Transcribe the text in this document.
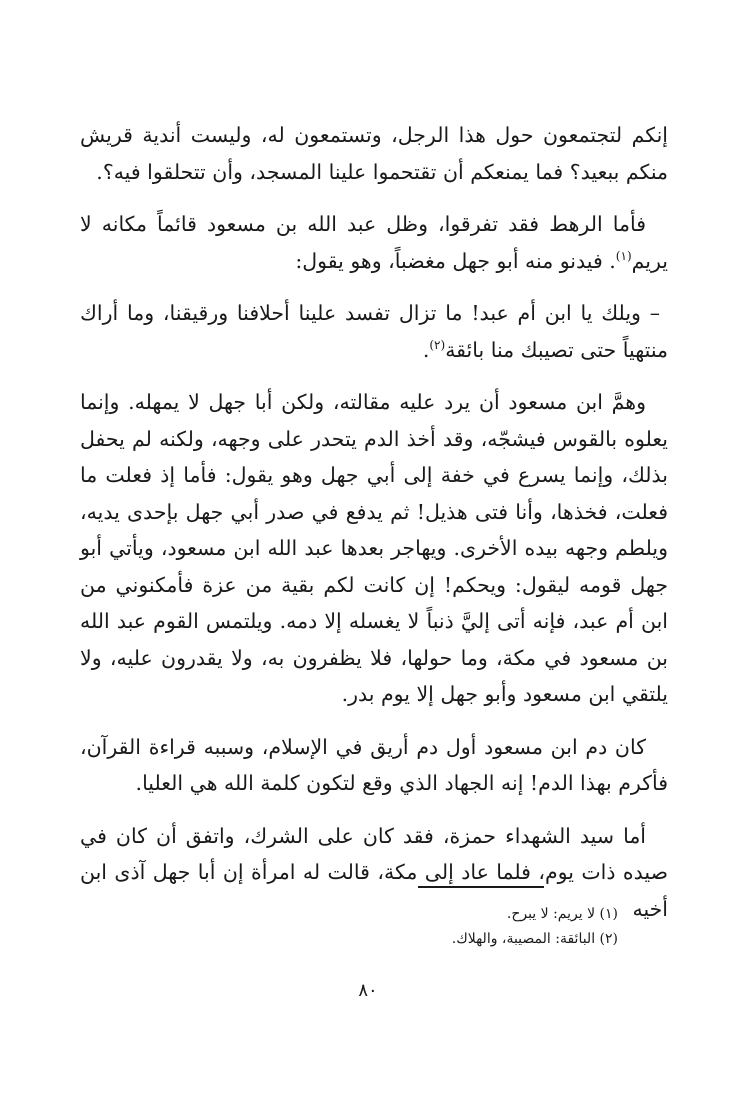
إنكم لتجتمعون حول هذا الرجل، وتستمعون له، وليست أندية قريش منكم ببعيد؟ فما يمنعكم أن تقتحموا علينا المسجد، وأن تتحلقوا فيه؟.

فأما الرهط فقد تفرقوا، وظل عبد الله بن مسعود قائماً مكانه لا يريم$^{(١)}$. فيدنو منه أبو جهل مغضباً، وهو يقول:

– ويلك يا ابن أم عبد! ما تزال تفسد علينا أحلافنا ورقيقنا، وما أراك منتهياً حتى تصيبك منا بائقة$^{(٢)}$.

وهمَّ ابن مسعود أن يرد عليه مقالته، ولكن أبا جهل لا يمهله. وإنما يعلوه بالقوس فيشجّه، وقد أخذ الدم يتحدر على وجهه، ولكنه لم يحفل بذلك، وإنما يسرع في خفة إلى أبي جهل وهو يقول: فأما إذ فعلت ما فعلت، فخذها، وأنا فتى هذيل! ثم يدفع في صدر أبي جهل بإحدى يديه، ويلطم وجهه بيده الأخرى. ويهاجر بعدها عبد الله ابن مسعود، ويأتي أبو جهل قومه ليقول: ويحكم! إن كانت لكم بقية من عزة فأمكنوني من ابن أم عبد، فإنه أتى إليَّ ذنباً لا يغسله إلا دمه. ويلتمس القوم عبد الله بن مسعود في مكة، وما حولها، فلا يظفرون به، ولا يقدرون عليه، ولا يلتقي ابن مسعود وأبو جهل إلا يوم بدر.

كان دم ابن مسعود أول دم أريق في الإسلام، وسببه قراءة القرآن، فأكرم بهذا الدم! إنه الجهاد الذي وقع لتكون كلمة الله هي العليا.

أما سيد الشهداء حمزة، فقد كان على الشرك، واتفق أن كان في صيده ذات يوم، فلما عاد إلى مكة، قالت له امرأة إن أبا جهل آذى ابن أخيه

(١) لا يريم: لا يبرح.
(٢) البائقة: المصيبة، والهلاك.
٨٠
